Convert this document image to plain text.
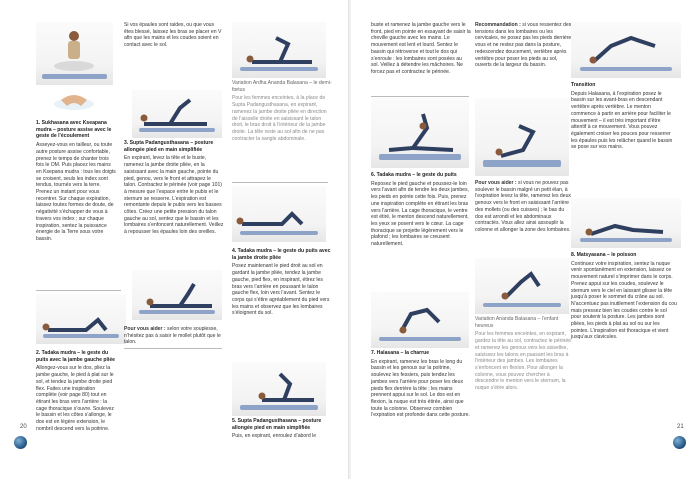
1. Sukhasana avec Kseapana mudra – posture assise avec le geste de l’écoulement

Asseyez-vous en tailleur, ou toute autre posture assise confortable, prenez le temps de chanter trois fois le OM. Puis placez les mains en Ksepana mudra : tous les doigts se croisent, seuls les index sont tendus, tournés vers la terre. Prenez un instant pour vous recentrer. Sur chaque expiration, laissez toutes formes de doute, de négativité s’échapper de vous à travers vos index ; sur chaque inspiration, sentez la puissance énergie de la Terre sous votre bassin.

2. Tadaka mudra – le geste du puits avec la jambe gauche pliée

Allongez-vous sur le dos, pliez la jambe gauche, le pied à plat sur le sol, et tendez la jambe droite pied flex. Faites une inspiration complète (voir page 80) tout en étirant les bras vers l’arrière : la cage thoracique s’ouvre. Soulevez le bassin et les côtes s’allonge, le dos est en légère extension, le nombril descend vers la poitrine.

Si vos épaules sont raides, ou que vous êtes blessé, laissez les bras se placer en V afin que les mains et les coudes soient en contact avec le sol.

3. Supta Padangusthasana – posture allongée pied en main simplifiée

En expirant, levez la tête et le buste, ramenez la jambe droite pliée, en la saisissant avec la main gauche, pointe du pied, genou, vers le front et attrapez le talon. Contractez le périnée (voir page 101) à mesure que l’espace entre le pubis et le sternum se resserre. L’expiration est remontante depuis le pubis vers les basses côtes. Créez une petite pression du talon gauche au sol, sentez que le bassin et les lombaires s’enfoncent naturellement. Veillez à repousser les épaules loin des oreilles.

Pour vous aider : selon votre souplesse, n’hésitez pas à saisir le mollet plutôt que le talon.

Variation Ardha Ananda Balasana – le demi-fœtus

Pour les femmes enceintes, à la place de Supta Padangusthasana, en expirant, ramenez la jambe droite pliée en direction de l’aisselle droite en saisissant le talon droit, le bras droit à l’intérieur de la jambe droite. La tête reste au sol afin de ne pas contracter la sangle abdominale.

4. Tadaka mudra – le geste du puits avec la jambe droite pliée

Posez maintenant le pied droit au sol en gardant la jambe pliée, tendez la jambe gauche, pied flex, en inspirant, étirez les bras vers l’arrière en poussant le talon gauche flex, loin vers l’avant. Sentez le corps qui s’étire agréablement du pied vers les mains et observez que les lombaires s’éloignent du sol.

5. Supta Padangusthasana – posture allongée pied en main simplifiée

Puis, en expirant, enroulez d’abord le

20

buste et ramenez la jambe gauche vers le front, pied en pointe en essayant de saisir la cheville gauche avec les mains. Le mouvement est lent et lourd. Sentez le bassin qui rétroverse et tout le dos qui s’enroule : les lombaires sont posées au sol. Veillez à détendre les mâchoires. Ne forcez pas et contractez le périnée.

6. Tadaka mudra – le geste du puits

Reposez le pied gauche et poussez-le loin vers l’avant afin de tendre les deux jambes, les pieds en pointe cette fois. Puis, prenez une inspiration complète en étirant les bras vers l’arrière. La cage thoracique, le ventre est étiré, le menton descend naturellement, les yeux se posent vers le cœur. La cage thoracique se projette légèrement vers le plafond ; les lombaires se creusent naturellement.

7. Halasana – la charrue

En expirant, ramenez les bras le long du bassin et les genoux sur la poitrine, soulevez les fessiers, puis tendez les jambes vers l’arrière pour poser les deux pieds flex derrière la tête ; les mains prennent appui sur le sol. Le dos est en flexion, la nuque est très étirée, ainsi que toute la colonne. Observez combien l’expiration est profonde dans cette posture.

Recommandation : si vous ressentez des tensions dans les lombaires ou les cervicales, ne posez pas les pieds derrière vous et ne restez pas dans la posture, redescendez doucement, vertèbre après vertèbre pour poser les pieds au sol, ouverts de la largeur du bassin.

Pour vous aider : si vous ne pouvez pas soulever le bassin malgré un petit élan, à l’expiration levez la tête, ramenez les deux genoux vers le front en saisissant l’arrière des mollets (ou des cuisses) ; le bas du dos est arrondi et les abdominaux contractés. Vous allez ainsi assouplir la colonne et allonger la zone des lombaires.

Variation Ananda Balasana – l’enfant heureux

Pour les femmes enceintes, en expirant, gardez la tête au sol, contractez le périnée et ramenez les genoux vers les aisselles, saisissez les talons en passant les bras à l’intérieur des jambes. Les lombaires s’enfoncent en flexion. Pour allonger la colonne, vous pouvez chercher à descendre le menton vers le sternum, la nuque s’étire alors.

Transition

Depuis Halasana, à l’expiration posez le bassin sur les avant-bras en descendant vertèbre après vertèbre. Le menton commence à partir en arrière pour faciliter le mouvement – il est très important d’être attentif à ce mouvement. Vous pouvez également croiser les pouces pour resserrer les épaules puis les relâcher quand le bassin se pose sur vos mains.

8. Matsyasana – le poisson

Continuez votre inspiration, sentez la nuque venir spontanément en extension, laissez ce mouvement naturel s’imprimer dans le corps. Prenez appui sur les coudes, soulevez le sternum vers le ciel en laissant glisser la tête jusqu’à poser le sommet du crâne au sol. N’accentuez pas inutilement l’extension du cou mais pressez bien les coudes contre le sol pour soutenir la posture. Les jambes sont pliées, les pieds à plat au sol ou sur les pointes. L’inspiration est thoracique et vient jusqu’aux clavicules.

21
